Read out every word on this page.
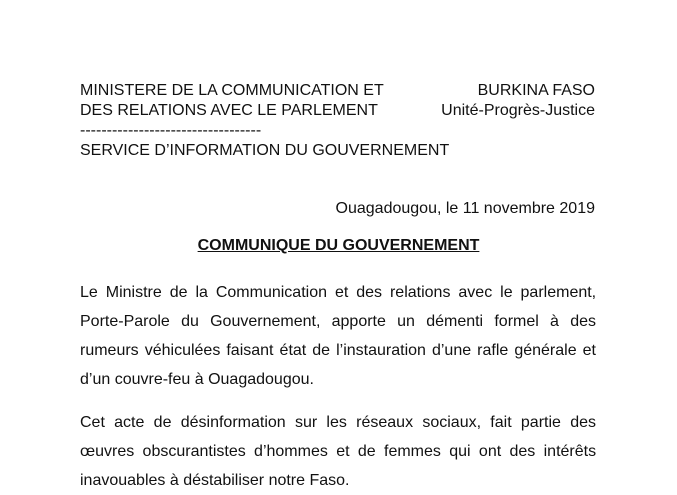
MINISTERE DE LA COMMUNICATION ET
DES RELATIONS AVEC LE PARLEMENT
----------------------------------
SERVICE D’INFORMATION DU GOUVERNEMENT
BURKINA FASO
Unité-Progrès-Justice
Ouagadougou, le 11 novembre 2019
COMMUNIQUE DU GOUVERNEMENT
Le Ministre de la Communication et des relations avec le parlement,
Porte-Parole du Gouvernement, apporte un démenti formel à des
rumeurs véhiculées faisant état de l’instauration d’une rafle générale et
d’un couvre-feu à Ouagadougou.
Cet acte de désinformation sur les réseaux sociaux, fait partie des
œuvres obscurantistes d’hommes et de femmes qui ont des intérêts
inavouables à déstabiliser notre Faso.
